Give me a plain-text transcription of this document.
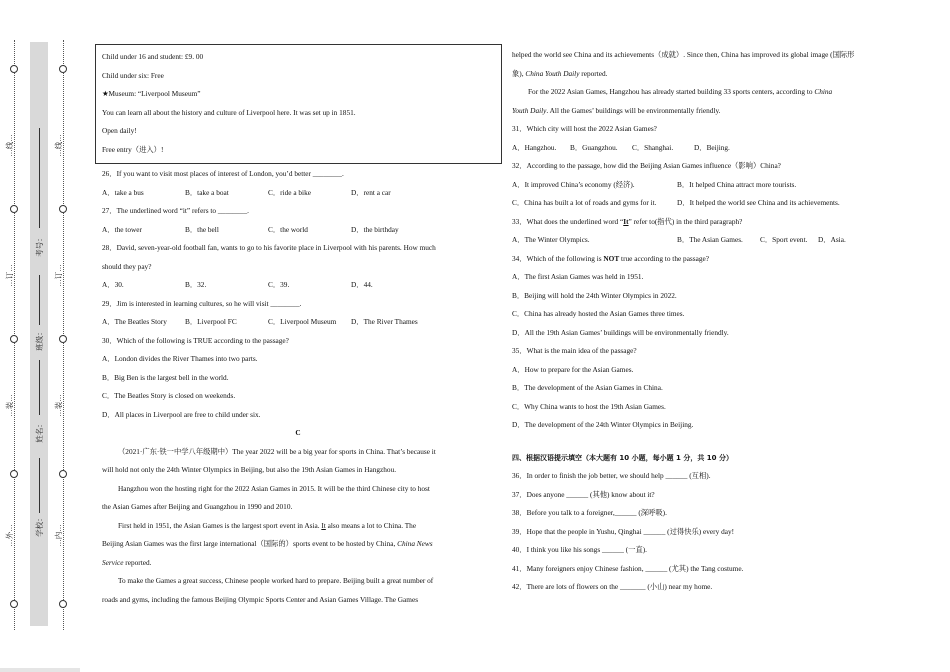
…外…
…装…
…订…
…线…
…内…
…装…
…订…
…线…
学校：
姓名：
班级：
考号：

Child under 16 and student: £9. 00

Child under six: Free

★Museum: “Liverpool Museum”

You can learn all about the history and culture of Liverpool here. It was set up in 1851.

Open daily!

Free entry（进入）!

26．If you want to visit most places of interest of London, you’d better ________.

A．take a bus	B．take a boat	C．ride a bike	D．rent a car

27．The underlined word “it” refers to ________.

A．the tower	B．the bell	C．the world	D．the birthday

28．David, seven-year-old football fan, wants to go to his favorite place in Liverpool with his parents. How much

should they pay?

A．30.	B．32.	C．39.	D．44.

29．Jim is interested in learning cultures, so he will visit ________.

A．The Beatles Story	B．Liverpool FC	C．Liverpool Museum	D．The River Thames

30．Which of the following is TRUE according to the passage?

A．London divides the River Thames into two parts.

B．Big Ben is the largest bell in the world.

C．The Beatles Story is closed on weekends.

D．All places in Liverpool are free to child under six.

C

（2021·广东·铁一中学八年级期中）The year 2022 will be a big year for sports in China. That’s because it

will hold not only the 24th Winter Olympics in Beijing, but also the 19th Asian Games in Hangzhou.

Hangzhou won the hosting right for the 2022 Asian Games in 2015. It will be the third Chinese city to host

the Asian Games after Beijing and Guangzhou in 1990 and 2010.

First held in 1951, the Asian Games is the largest sport event in Asia. It also means a lot to China. The

Beijing Asian Games was the first large international（国际的）sports event to be hosted by China, China News

Service reported.

To make the Games a great success, Chinese people worked hard to prepare. Beijing built a great number of

roads and gyms, including the famous Beijing Olympic Sports Center and Asian Games Village. The Games

helped the world see China and its achievements（成就）. Since then, China has improved its global image (国际形

象), China Youth Daily reported.

For the 2022 Asian Games, Hangzhou has already started building 33 sports centers, according to China

Youth Daily. All the Games’ buildings will be environmentally friendly.

31．Which city will host the 2022 Asian Games?

A．Hangzhou.	B．Guangzhou.	C．Shanghai.	D．Beijing.

32．According to the passage, how did the Beijing Asian Games influence（影响）China?

A．It improved China’s economy (经济).	B．It helped China attract more tourists.
C．China has built a lot of roads and gyms for it.	D．It helped the world see China and its achievements.

33．What does the underlined word “It” refer to(指代) in the third paragraph?

A．The Winter Olympics.	B．The Asian Games.	C．Sport event.	D．Asia.

34．Which of the following is NOT true according to the passage?

A．The first Asian Games was held in 1951.

B．Beijing will hold the 24th Winter Olympics in 2022.

C．China has already hosted the Asian Games three times.

D．All the 19th Asian Games’ buildings will be environmentally friendly.

35．What is the main idea of the passage?

A．How to prepare for the Asian Games.

B．The development of the Asian Games in China.

C．Why China wants to host the 19th Asian Games.

D．The development of the 24th Winter Olympics in Beijing.

四、根据汉语提示填空（本大题有 10 小题，每小题 1 分，共 10 分）

36．In order to finish the job better, we should help ______ (互相).

37．Does anyone ______ (其他) know about it?

38．Before you talk to a foreigner,______ (深呼吸).

39．Hope that the people in Yushu, Qinghai ______ (过得快乐) every day!

40．I think you like his songs ______ (一直).

41．Many foreigners enjoy Chinese fashion, ______ (尤其) the Tang costume.

42．There are lots of flowers on the _______ (小山) near my home.
